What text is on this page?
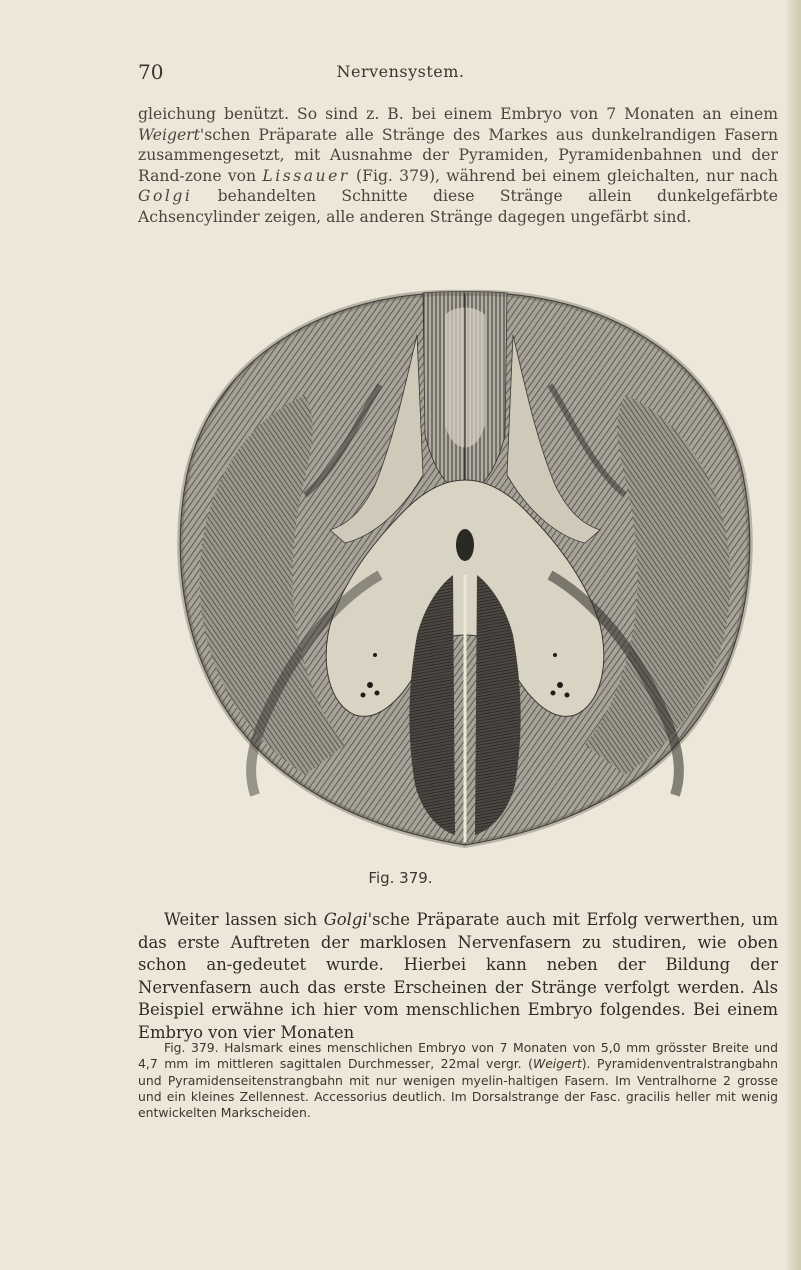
70	Nervensystem.

gleichung benützt. So sind z. B. bei einem Embryo von 7 Monaten an einem Weigert'schen Präparate alle Stränge des Markes aus dunkelrandigen Fasern zusammengesetzt, mit Ausnahme der Pyramiden, Pyramidenbahnen und der Rand-zone von Lissauer (Fig. 379), während bei einem gleichalten, nur nach Golgi behandelten Schnitte diese Stränge allein dunkelgefärbte Achsencylinder zeigen, alle anderen Stränge dagegen ungefärbt sind.

Fig. 379.

Weiter lassen sich Golgi'sche Präparate auch mit Erfolg verwerthen, um das erste Auftreten der marklosen Nervenfasern zu studiren, wie oben schon an-gedeutet wurde. Hierbei kann neben der Bildung der Nervenfasern auch das erste Erscheinen der Stränge verfolgt werden. Als Beispiel erwähne ich hier vom menschlichen Embryo folgendes. Bei einem Embryo von vier Monaten

Fig. 379. Halsmark eines menschlichen Embryo von 7 Monaten von 5,0 mm grösster Breite und 4,7 mm im mittleren sagittalen Durchmesser, 22mal vergr. (Weigert). Pyramidenventralstrangbahn und Pyramidenseitenstrangbahn mit nur wenigen myelin-haltigen Fasern. Im Ventralhorne 2 grosse und ein kleines Zellennest. Accessorius deutlich. Im Dorsalstrange der Fasc. gracilis heller mit wenig entwickelten Markscheiden.
